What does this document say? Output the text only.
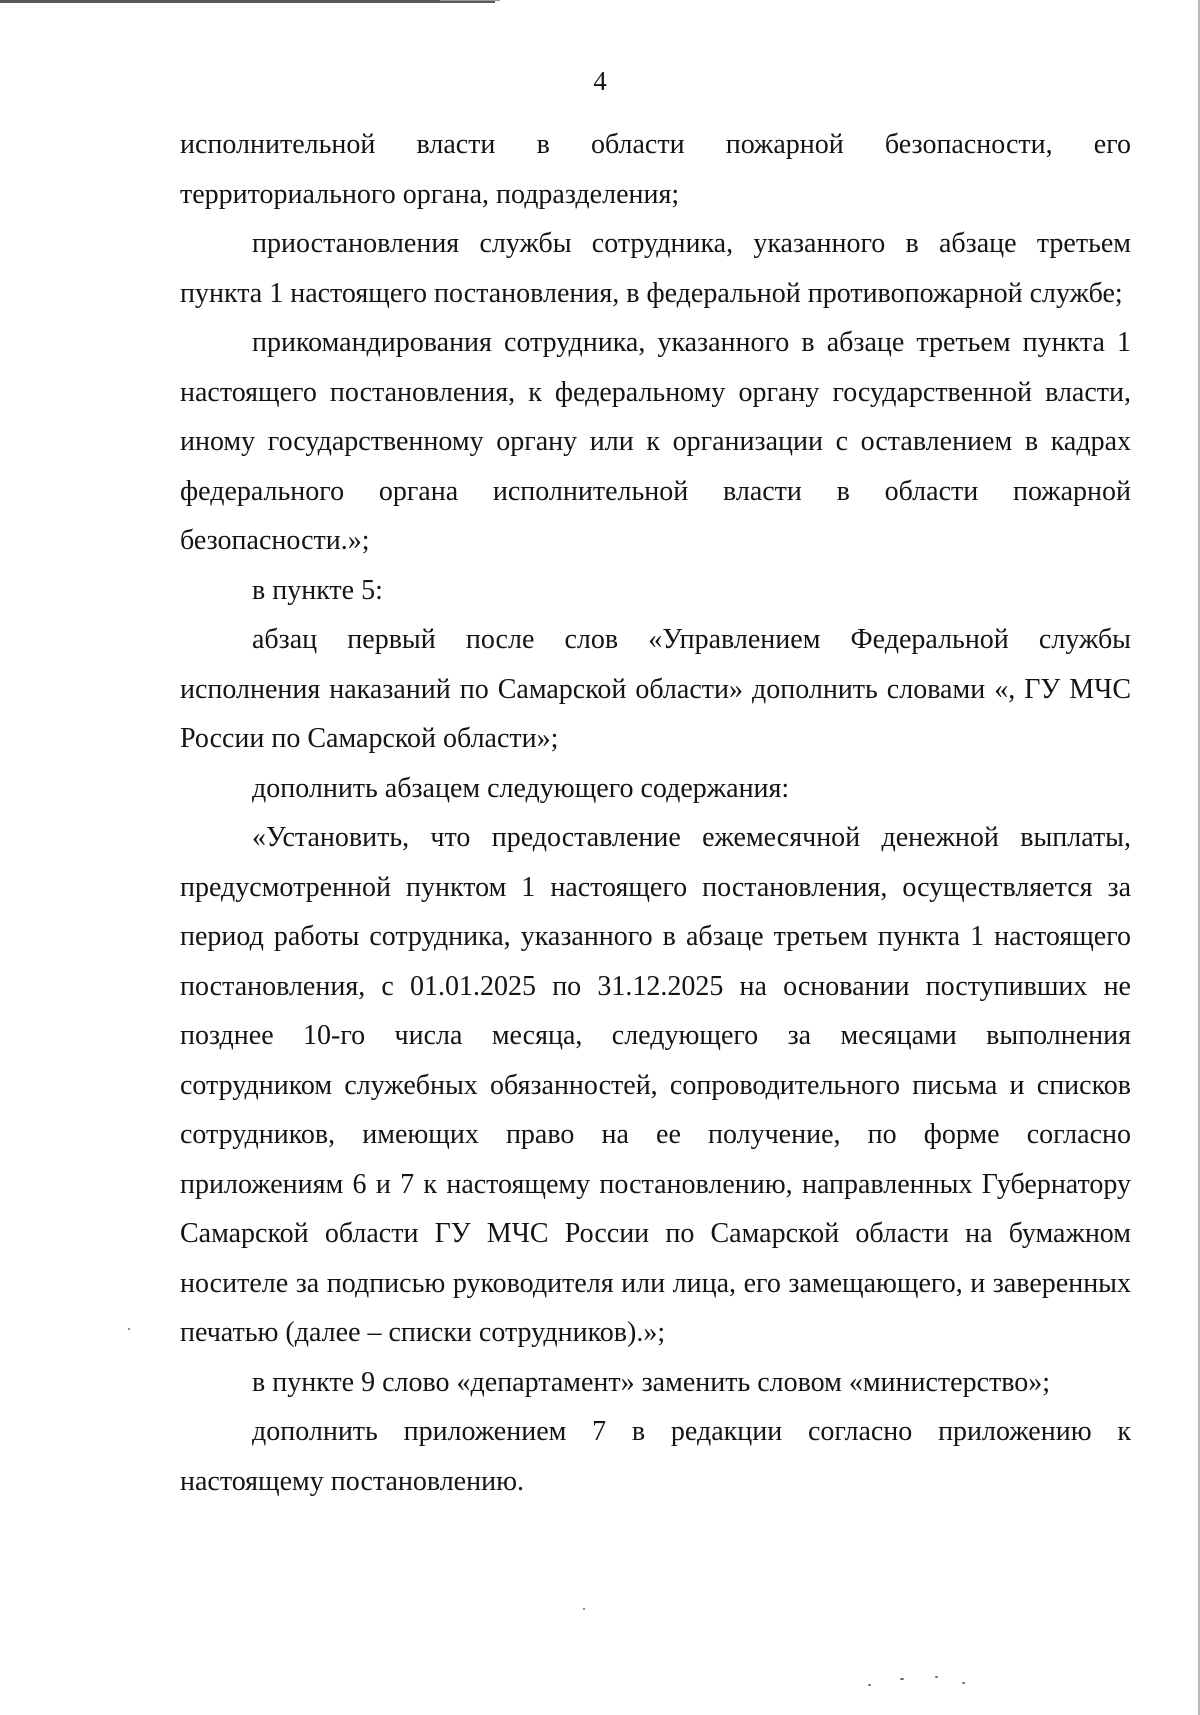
4

исполнительной власти в области пожарной безопасности, его территориального органа, подразделения;

приостановления службы сотрудника, указанного в абзаце третьем пункта 1 настоящего постановления, в федеральной противопожарной службе;

прикомандирования сотрудника, указанного в абзаце третьем пункта 1 настоящего постановления, к федеральному органу государственной власти, иному государственному органу или к организации с оставлением в кадрах федерального органа исполнительной власти в области пожарной безопасности.»;

в пункте 5:

абзац первый после слов «Управлением Федеральной службы исполнения наказаний по Самарской области» дополнить словами «, ГУ МЧС России по Самарской области»;

дополнить абзацем следующего содержания:

«Установить, что предоставление ежемесячной денежной выплаты, предусмотренной пунктом 1 настоящего постановления, осуществляется за период работы сотрудника, указанного в абзаце третьем пункта 1 настоящего постановления, с 01.01.2025 по 31.12.2025 на основании поступивших не позднее 10-го числа месяца, следующего за месяцами выполнения сотрудником служебных обязанностей, сопроводительного письма и списков сотрудников, имеющих право на ее получение, по форме согласно приложениям 6 и 7 к настоящему постановлению, направленных Губернатору Самарской области ГУ МЧС России по Самарской области на бумажном носителе за подписью руководителя или лица, его замещающего, и заверенных печатью (далее – списки сотрудников).»;

в пункте 9 слово «департамент» заменить словом «министерство»;

дополнить приложением 7 в редакции согласно приложению к настоящему постановлению.
